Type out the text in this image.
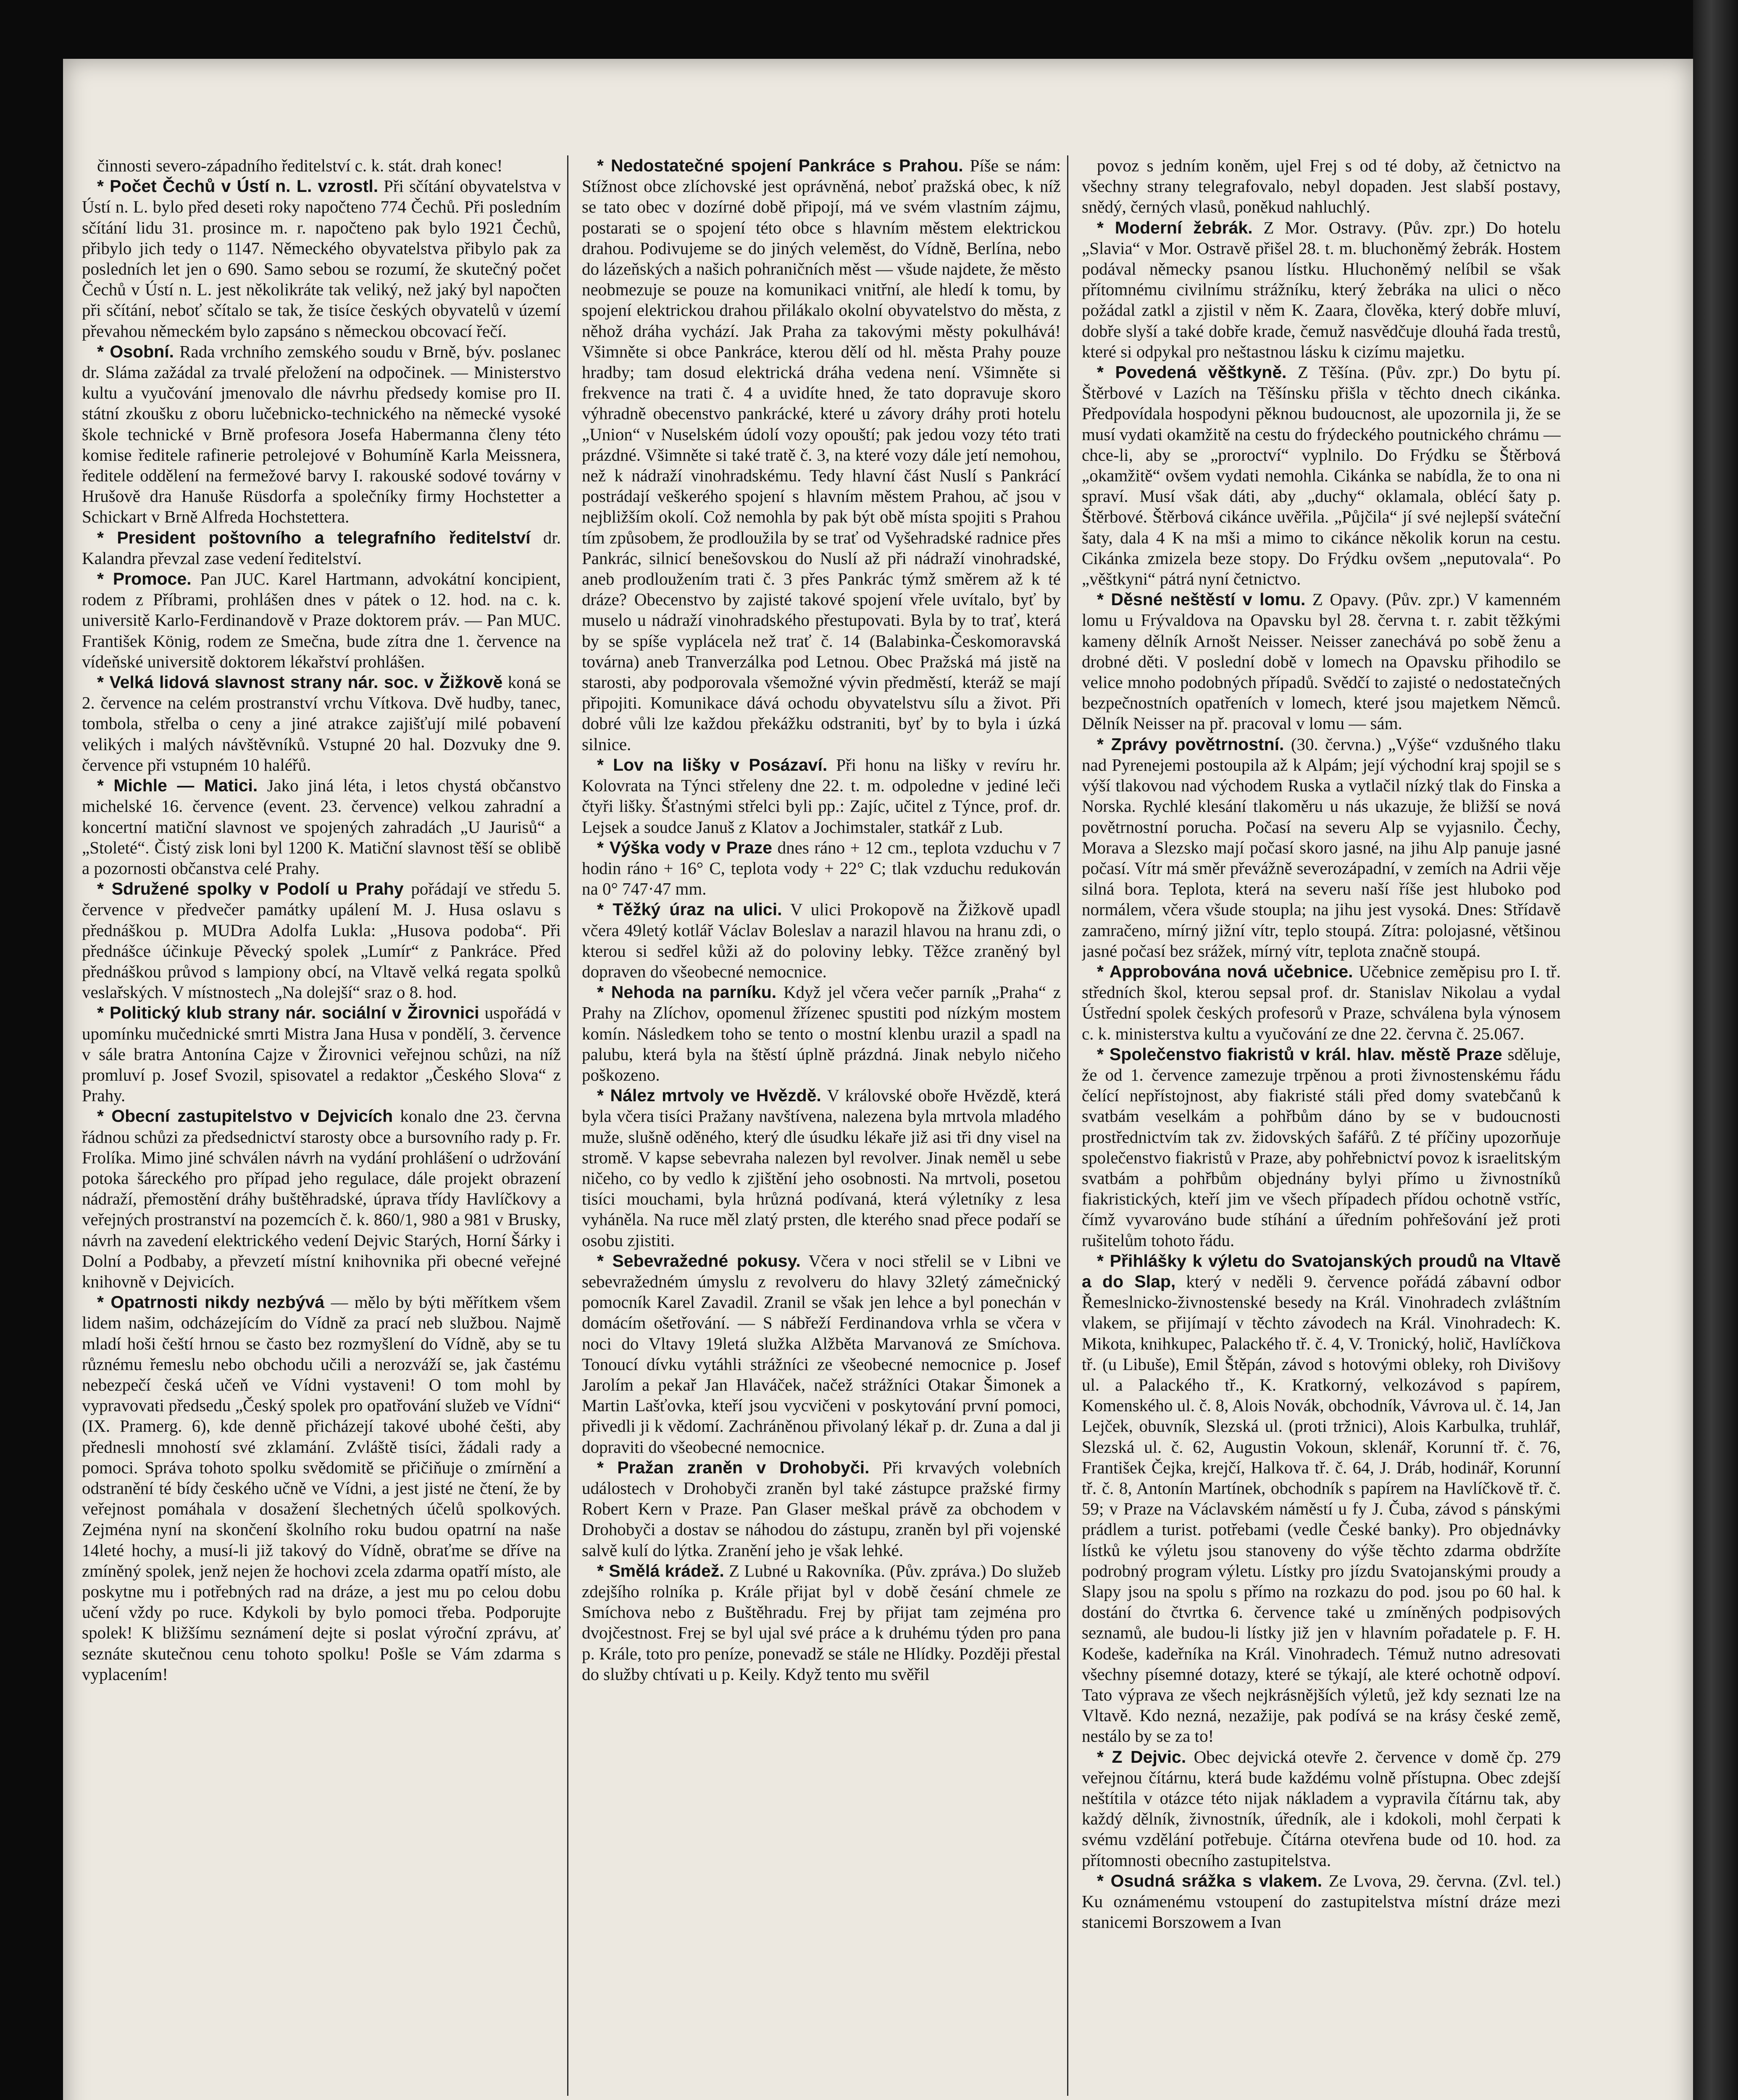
činnosti severo-západního ředitelství c. k. stát. drah konec!

* Počet Čechů v Ústí n. L. vzrostl. Při sčítání obyvatelstva v Ústí n. L. bylo před deseti roky napočteno 774 Čechů. Při posledním sčítání lidu 31. prosince m. r. napočteno pak bylo 1921 Čechů, přibylo jich tedy o 1147. Německého obyvatelstva přibylo pak za posledních let jen o 690. Samo sebou se rozumí, že skutečný počet Čechů v Ústí n. L. jest několikráte tak veliký, než jaký byl napočten při sčítání, neboť sčítalo se tak, že tisíce českých obyvatelů v území převahou německém bylo zapsáno s německou obcovací řečí.

* Osobní. Rada vrchního zemského soudu v Brně, býv. poslanec dr. Sláma zažádal za trvalé přeložení na odpočinek. — Ministerstvo kultu a vyučování jmenovalo dle návrhu předsedy komise pro II. státní zkoušku z oboru lučebnicko-technického na německé vysoké škole technické v Brně profesora Josefa Habermanna členy této komise ředitele rafinerie petrolejové v Bohumíně Karla Meissnera, ředitele oddělení na fermežové barvy I. rakouské sodové továrny v Hrušově dra Hanuše Rüsdorfa a společníky firmy Hochstetter a Schickart v Brně Alfreda Hochstettera.

* President poštovního a telegrafního ředitelství dr. Kalandra převzal zase vedení ředitelství.

* Promoce. Pan JUC. Karel Hartmann, advokátní koncipient, rodem z Příbrami, prohlášen dnes v pátek o 12. hod. na c. k. universitě Karlo-Ferdinandově v Praze doktorem práv. — Pan MUC. František König, rodem ze Smečna, bude zítra dne 1. července na vídeňské universitě doktorem lékařství prohlášen.

* Velká lidová slavnost strany nár. soc. v Žižkově koná se 2. července na celém prostranství vrchu Vítkova. Dvě hudby, tanec, tombola, střelba o ceny a jiné atrakce zajišťují milé pobavení velikých i malých návštěvníků. Vstupné 20 hal. Dozvuky dne 9. července při vstupném 10 haléřů.

* Michle — Matici. Jako jiná léta, i letos chystá občanstvo michelské 16. července (event. 23. července) velkou zahradní a koncertní matiční slavnost ve spojených zahradách „U Jaurisů“ a „Stoleté“. Čistý zisk loni byl 1200 K. Matiční slavnost těší se oblibě a pozornosti občanstva celé Prahy.

* Sdružené spolky v Podolí u Prahy pořádají ve středu 5. července v předvečer památky upálení M. J. Husa oslavu s přednáškou p. MUDra Adolfa Lukla: „Husova podoba“. Při přednášce účinkuje Pěvecký spolek „Lumír“ z Pankráce. Před přednáškou průvod s lampiony obcí, na Vltavě velká regata spolků veslařských. V místnostech „Na dolejší“ sraz o 8. hod.

* Politický klub strany nár. sociální v Žirovnici uspořádá v upomínku mučednické smrti Mistra Jana Husa v pondělí, 3. července v sále bratra Antonína Cajze v Žirovnici veřejnou schůzi, na níž promluví p. Josef Svozil, spisovatel a redaktor „Českého Slova“ z Prahy.

* Obecní zastupitelstvo v Dejvicích konalo dne 23. června řádnou schůzi za předsednictví starosty obce a bursovního rady p. Fr. Frolíka. Mimo jiné schválen návrh na vydání prohlášení o udržování potoka šáreckého pro případ jeho regulace, dále projekt obrazení nádraží, přemostění dráhy buštěhradské, úprava třídy Havlíčkovy a veřejných prostranství na pozemcích č. k. 860/1, 980 a 981 v Brusky, návrh na zavedení elektrického vedení Dejvic Starých, Horní Šárky i Dolní a Podbaby, a převzetí místní knihovnika při obecné veřejné knihovně v Dejvicích.

* Opatrnosti nikdy nezbývá — mělo by býti měřítkem všem lidem našim, odcházejícím do Vídně za prací neb službou. Najmě mladí hoši čeští hrnou se často bez rozmyšlení do Vídně, aby se tu různému řemeslu nebo obchodu učili a nerozváží se, jak častému nebezpečí česká učeň ve Vídni vystaveni! O tom mohl by vypravovati předsedu „Český spolek pro opatřování služeb ve Vídni“ (IX. Pramerg. 6), kde denně přicházejí takové ubohé češti, aby přednesli mnohostí své zklamání. Zvláště tisíci, žádali rady a pomoci. Správa tohoto spolku svědomitě se přičiňuje o zmírnění a odstranění té bídy českého učně ve Vídni, a jest jisté ne čtení, že by veřejnost pomáhala v dosažení šlechetných účelů spolkových. Zejména nyní na skončení školního roku budou opatrní na naše 14leté hochy, a musí-li již takový do Vídně, obraťme se dříve na zmíněný spolek, jenž nejen že hochovi zcela zdarma opatří místo, ale poskytne mu i potřebných rad na dráze, a jest mu po celou dobu učení vždy po ruce. Kdykoli by bylo pomoci třeba. Podporujte spolek! K bližšímu seznámení dejte si poslat výroční zprávu, ať seznáte skutečnou cenu tohoto spolku! Pošle se Vám zdarma s vyplacením!

* Nedostatečné spojení Pankráce s Prahou. Píše se nám: Stížnost obce zlíchovské jest oprávněná, neboť pražská obec, k níž se tato obec v dozírné době připojí, má ve svém vlastním zájmu, postarati se o spojení této obce s hlavním městem elektrickou drahou. Podivujeme se do jiných veleměst, do Vídně, Berlína, nebo do lázeňských a našich pohraničních měst — všude najdete, že město neobmezuje se pouze na komunikaci vnitřní, ale hledí k tomu, by spojení elektrickou drahou přilákalo okolní obyvatelstvo do města, z něhož dráha vychází. Jak Praha za takovými městy pokulhává! Všimněte si obce Pankráce, kterou dělí od hl. města Prahy pouze hradby; tam dosud elektrická dráha vedena není. Všimněte si frekvence na trati č. 4 a uvidíte hned, že tato dopravuje skoro výhradně obecenstvo pankrácké, které u závory dráhy proti hotelu „Union“ v Nuselském údolí vozy opouští; pak jedou vozy této trati prázdné. Všimněte si také tratě č. 3, na které vozy dále jetí nemohou, než k nádraží vinohradskému. Tedy hlavní část Nuslí s Pankrácí postrádají veškerého spojení s hlavním městem Prahou, ač jsou v nejbližším okolí. Což nemohla by pak být obě místa spojiti s Prahou tím způsobem, že prodloužila by se trať od Vyšehradské radnice přes Pankrác, silnicí benešovskou do Nuslí až při nádraží vinohradské, aneb prodloužením trati č. 3 přes Pankrác týmž směrem až k té dráze? Obecenstvo by zajisté takové spojení vřele uvítalo, byť by muselo u nádraží vinohradského přestupovati. Byla by to trať, která by se spíše vyplácela než trať č. 14 (Balabinka-Českomoravská továrna) aneb Tranverzálka pod Letnou. Obec Pražská má jistě na starosti, aby podporovala všemožné vývin předměstí, kteráž se mají připojiti. Komunikace dává ochodu obyvatelstvu sílu a život. Při dobré vůli lze každou překážku odstraniti, byť by to byla i úzká silnice.

* Lov na lišky v Posázaví. Při honu na lišky v revíru hr. Kolovrata na Týnci střeleny dne 22. t. m. odpoledne v jediné leči čtyři lišky. Šťastnými střelci byli pp.: Zajíc, učitel z Týnce, prof. dr. Lejsek a soudce Januš z Klatov a Jochimstaler, statkář z Lub.

* Výška vody v Praze dnes ráno + 12 cm., teplota vzduchu v 7 hodin ráno + 16° C, teplota vody + 22° C; tlak vzduchu redukován na 0° 747·47 mm.

* Těžký úraz na ulici. V ulici Prokopově na Žižkově upadl včera 49letý kotlář Václav Boleslav a narazil hlavou na hranu zdi, o kterou si sedřel kůži až do poloviny lebky. Těžce zraněný byl dopraven do všeobecné nemocnice.

* Nehoda na parníku. Když jel včera večer parník „Praha“ z Prahy na Zlíchov, opomenul žřízenec spustiti pod nízkým mostem komín. Následkem toho se tento o mostní klenbu urazil a spadl na palubu, která byla na štěstí úplně prázdná. Jinak nebylo ničeho poškozeno.

* Nález mrtvoly ve Hvězdě. V královské oboře Hvězdě, která byla včera tisíci Pražany navštívena, nalezena byla mrtvola mladého muže, slušně oděného, který dle úsudku lékaře již asi tři dny visel na stromě. V kapse sebevraha nalezen byl revolver. Jinak neměl u sebe ničeho, co by vedlo k zjištění jeho osobnosti. Na mrtvoli, posetou tisíci mouchami, byla hrůzná podívaná, která výletníky z lesa vyháněla. Na ruce měl zlatý prsten, dle kterého snad přece podaří se osobu zjistiti.

* Sebevražedné pokusy. Včera v noci střelil se v Libni ve sebevražedném úmyslu z revolveru do hlavy 32letý zámečnický pomocník Karel Zavadil. Zranil se však jen lehce a byl ponechán v domácím ošetřování. — S nábřeží Ferdinandova vrhla se včera v noci do Vltavy 19letá služka Alžběta Marvanová ze Smíchova. Tonoucí dívku vytáhli strážníci ze všeobecné nemocnice p. Josef Jarolím a pekař Jan Hlaváček, načež strážníci Otakar Šimonek a Martin Lašťovka, kteří jsou vycvičeni v poskytování první pomoci, přivedli ji k vědomí. Zachráněnou přivolaný lékař p. dr. Zuna a dal ji dopraviti do všeobecné nemocnice.

* Pražan zraněn v Drohobyči. Při krvavých volebních událostech v Drohobyči zraněn byl také zástupce pražské firmy Robert Kern v Praze. Pan Glaser meškal právě za obchodem v Drohobyči a dostav se náhodou do zástupu, zraněn byl při vojenské salvě kulí do lýtka. Zranění jeho je však lehké.

* Smělá krádež. Z Lubné u Rakovníka. (Pův. zpráva.) Do služeb zdejšího rolníka p. Krále přijat byl v době česání chmele ze Smíchova nebo z Buštěhradu. Frej by přijat tam zejména pro dvojčestnost. Frej se byl ujal své práce a k druhému týden pro pana p. Krále, toto pro peníze, ponevadž se stále ne Hlídky. Později přestal do služby chtívati u p. Keily. Když tento mu svěřil

povoz s jedním koněm, ujel Frej s od té doby, až četnictvo na všechny strany telegrafovalo, nebyl dopaden. Jest slabší postavy, snědý, černých vlasů, poněkud nahluchlý.

* Moderní žebrák. Z Mor. Ostravy. (Pův. zpr.) Do hotelu „Slavia“ v Mor. Ostravě přišel 28. t. m. bluchoněmý žebrák. Hostem podával německy psanou lístku. Hluchoněmý nelíbil se však přítomnému civilnímu strážníku, který žebráka na ulici o něco požádal zatkl a zjistil v něm K. Zaara, člověka, který dobře mluví, dobře slyší a také dobře krade, čemuž nasvědčuje dlouhá řada trestů, které si odpykal pro neštastnou lásku k cizímu majetku.

* Povedená věštkyně. Z Těšína. (Pův. zpr.) Do bytu pí. Štěrbové v Lazích na Těšínsku přišla v těchto dnech cikánka. Předpovídala hospodyni pěknou budoucnost, ale upozornila ji, že se musí vydati okamžitě na cestu do frýdeckého poutnického chrámu — chce-li, aby se „proroctví“ vyplnilo. Do Frýdku se Štěrbová „okamžitě“ ovšem vydati nemohla. Cikánka se nabídla, že to ona ni spraví. Musí však dáti, aby „duchy“ oklamala, oblécí šaty p. Štěrbové. Štěrbová cikánce uvěřila. „Půjčila“ jí své nejlepší sváteční šaty, dala 4 K na mši a mimo to cikánce několik korun na cestu. Cikánka zmizela beze stopy. Do Frýdku ovšem „neputovala“. Po „věštkyni“ pátrá nyní četnictvo.

* Děsné neštěstí v lomu. Z Opavy. (Pův. zpr.) V kamenném lomu u Frývaldova na Opavsku byl 28. června t. r. zabit těžkými kameny dělník Arnošt Neisser. Neisser zanechává po sobě ženu a drobné děti. V poslední době v lomech na Opavsku přihodilo se velice mnoho podobných případů. Svědčí to zajisté o nedostatečných bezpečnostních opatřeních v lomech, které jsou majetkem Němců. Dělník Neisser na př. pracoval v lomu — sám.

* Zprávy povětrnostní. (30. června.) „Výše“ vzdušného tlaku nad Pyrenejemi postoupila až k Alpám; její východní kraj spojil se s výší tlakovou nad východem Ruska a vytlačil nízký tlak do Finska a Norska. Rychlé klesání tlakoměru u nás ukazuje, že bližší se nová povětrnostní porucha. Počasí na severu Alp se vyjasnilo. Čechy, Morava a Slezsko mají počasí skoro jasné, na jihu Alp panuje jasné počasí. Vítr má směr převážně severozápadní, v zemích na Adrii věje silná bora. Teplota, která na severu naší říše jest hluboko pod normálem, včera všude stoupla; na jihu jest vysoká. Dnes: Střídavě zamračeno, mírný jižní vítr, teplo stoupá. Zítra: polojasné, většinou jasné počasí bez srážek, mírný vítr, teplota značně stoupá.

* Approbována nová učebnice. Učebnice zeměpisu pro I. tř. středních škol, kterou sepsal prof. dr. Stanislav Nikolau a vydal Ústřední spolek českých profesorů v Praze, schválena byla výnosem c. k. ministerstva kultu a vyučování ze dne 22. června č. 25.067.

* Společenstvo fiakristů v král. hlav. městě Praze sděluje, že od 1. července zamezuje trpěnou a proti živnostenskému řádu čelící nepřístojnost, aby fiakristé stáli před domy svatebčanů k svatbám veselkám a pohřbům dáno by se v budoucnosti prostřednictvím tak zv. židovských šafářů. Z té příčiny upozorňuje společenstvo fiakristů v Praze, aby pohřebnictví povoz k israelitským svatbám a pohřbům objednány bylyi přímo u živnostníků fiakristických, kteří jim ve všech případech přídou ochotně vstříc, čímž vyvarováno bude stíhání a úředním pohřešování jež proti rušitelům tohoto řádu.

* Přihlášky k výletu do Svatojanských proudů na Vltavě a do Slap, který v neděli 9. července pořádá zábavní odbor Řemeslnicko-živnostenské besedy na Král. Vinohradech zvláštním vlakem, se přijímají v těchto závodech na Král. Vinohradech: K. Mikota, knihkupec, Palackého tř. č. 4, V. Tronický, holič, Havlíčkova tř. (u Libuše), Emil Štěpán, závod s hotovými obleky, roh Divišovy ul. a Palackého tř., K. Kratkorný, velkozávod s papírem, Komenského ul. č. 8, Alois Novák, obchodník, Vávrova ul. č. 14, Jan Lejček, obuvník, Slezská ul. (proti tržnici), Alois Karbulka, truhlář, Slezská ul. č. 62, Augustin Vokoun, sklenář, Korunní tř. č. 76, František Čejka, krejčí, Halkova tř. č. 64, J. Dráb, hodinář, Korunní tř. č. 8, Antonín Martínek, obchodník s papírem na Havlíčkově tř. č. 59; v Praze na Václavském náměstí u fy J. Čuba, závod s pánskými prádlem a turist. potřebami (vedle České banky). Pro objednávky lístků ke výletu jsou stanoveny do výše těchto zdarma obdržíte podrobný program výletu. Lístky pro jízdu Svatojanskými proudy a Slapy jsou na spolu s přímo na rozkazu do pod. jsou po 60 hal. k dostání do čtvrtka 6. července také u zmíněných podpisových seznamů, ale budou-li lístky již jen v hlavním pořadatele p. F. H. Kodeše, kadeřníka na Král. Vinohradech. Témuž nutno adresovati všechny písemné dotazy, které se týkají, ale které ochotně odpoví. Tato výprava ze všech nejkrásnějších výletů, jež kdy seznati lze na Vltavě. Kdo nezná, nezažije, pak podívá se na krásy české země, nestálo by se za to!

* Z Dejvic. Obec dejvická otevře 2. července v domě čp. 279 veřejnou čítárnu, která bude každému volně přístupna. Obec zdejší neštítila v otázce této nijak nákladem a vypravila čítárnu tak, aby každý dělník, živnostník, úředník, ale i kdokoli, mohl čerpati k svému vzdělání potřebuje. Čítárna otevřena bude od 10. hod. za přítomnosti obecního zastupitelstva.

* Osudná srážka s vlakem. Ze Lvova, 29. června. (Zvl. tel.) Ku oznámenému vstoupení do zastupitelstva místní dráze mezi stanicemi Borszowem a Ivan
